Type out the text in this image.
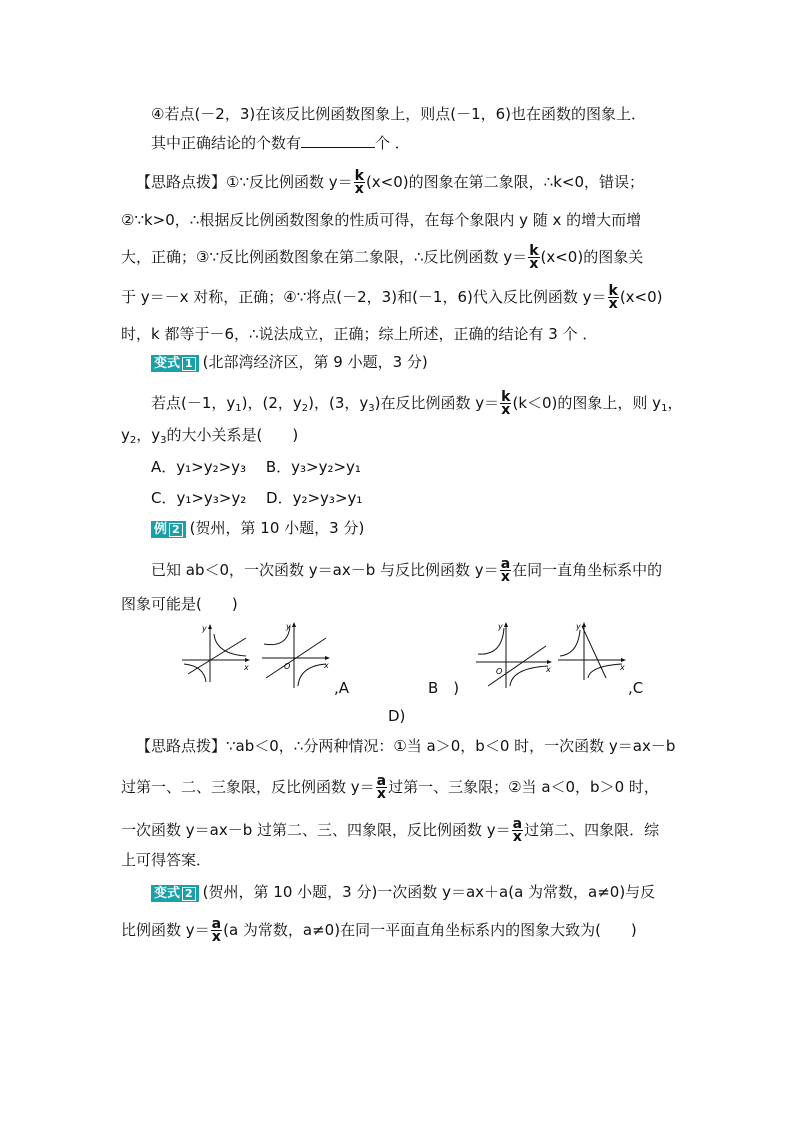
④若点(－2，3)在该反比例函数图象上，则点(－1，6)也在函数的图象上．
其中正确结论的个数有	个 ．
【思路点拨】①∵反比例函数 $y= \frac{k}{x} (x<0)$的图象在第二象限，∴k<0，错误；
②∵k>0，∴根据反比例函数图象的性质可得，在每个象限内 y 随 x 的增大而增
大，正确；③∵反比例函数图象在第二象限，∴反比例函数 $y= \frac{k}{x} (x<0)$的图象关
于 y＝－x 对称，正确；④∵将点(－2，3)和(－1，6)代入反比例函数 $y= \frac{k}{x} (x<0)$
时，k 都等于－6，∴说法成立，正确；综上所述，正确的结论有 3 个 ．
变式 1 (北部湾经济区，第 9 小题，3 分)
若点(－1，$y_1$)，(2，$y_2$)，(3，$y_3$)在反比例函数 $y= \frac{k}{x} (k<0)$的图象上，则 $y_1$，
$y_2$，$y_3$的大小关系是(　　)
A．y₁>y₂>y₃　 B．y₃>y₂>y₁
C．y₁>y₃>y₂　 D．y₂>y₃>y₁
例 2 (贺州，第 10 小题，3 分)
已知 ab＜0，一次函数 y＝ax－b 与反比例函数 $y= \frac{a}{x}$ 在同一直角坐标系中的
图象可能是(　　)
y
x
y
O	x
,A	B　)
y
O	x
y
x
,C
D)
【思路点拨】∵ab＜0，∴分两种情况：①当 a＞0，b＜0 时，一次函数 y＝ax－b
过第一、二、三象限，反比例函数 $y= \frac{a}{x}$ 过第一、三象限；②当 a＜0，b＞0 时，
一次函数 y＝ax－b 过第二、三、四象限，反比例函数 $y= \frac{a}{x}$ 过第二、四象限．综
上可得答案．
变式 2 (贺州，第 10 小题，3 分)一次函数 y＝ax＋a(a 为常数，a≠0)与反
比例函数 $y= \frac{a}{x} (a$ 为常数，a≠0)在同一平面直角坐标系内的图象大致为(　　)
